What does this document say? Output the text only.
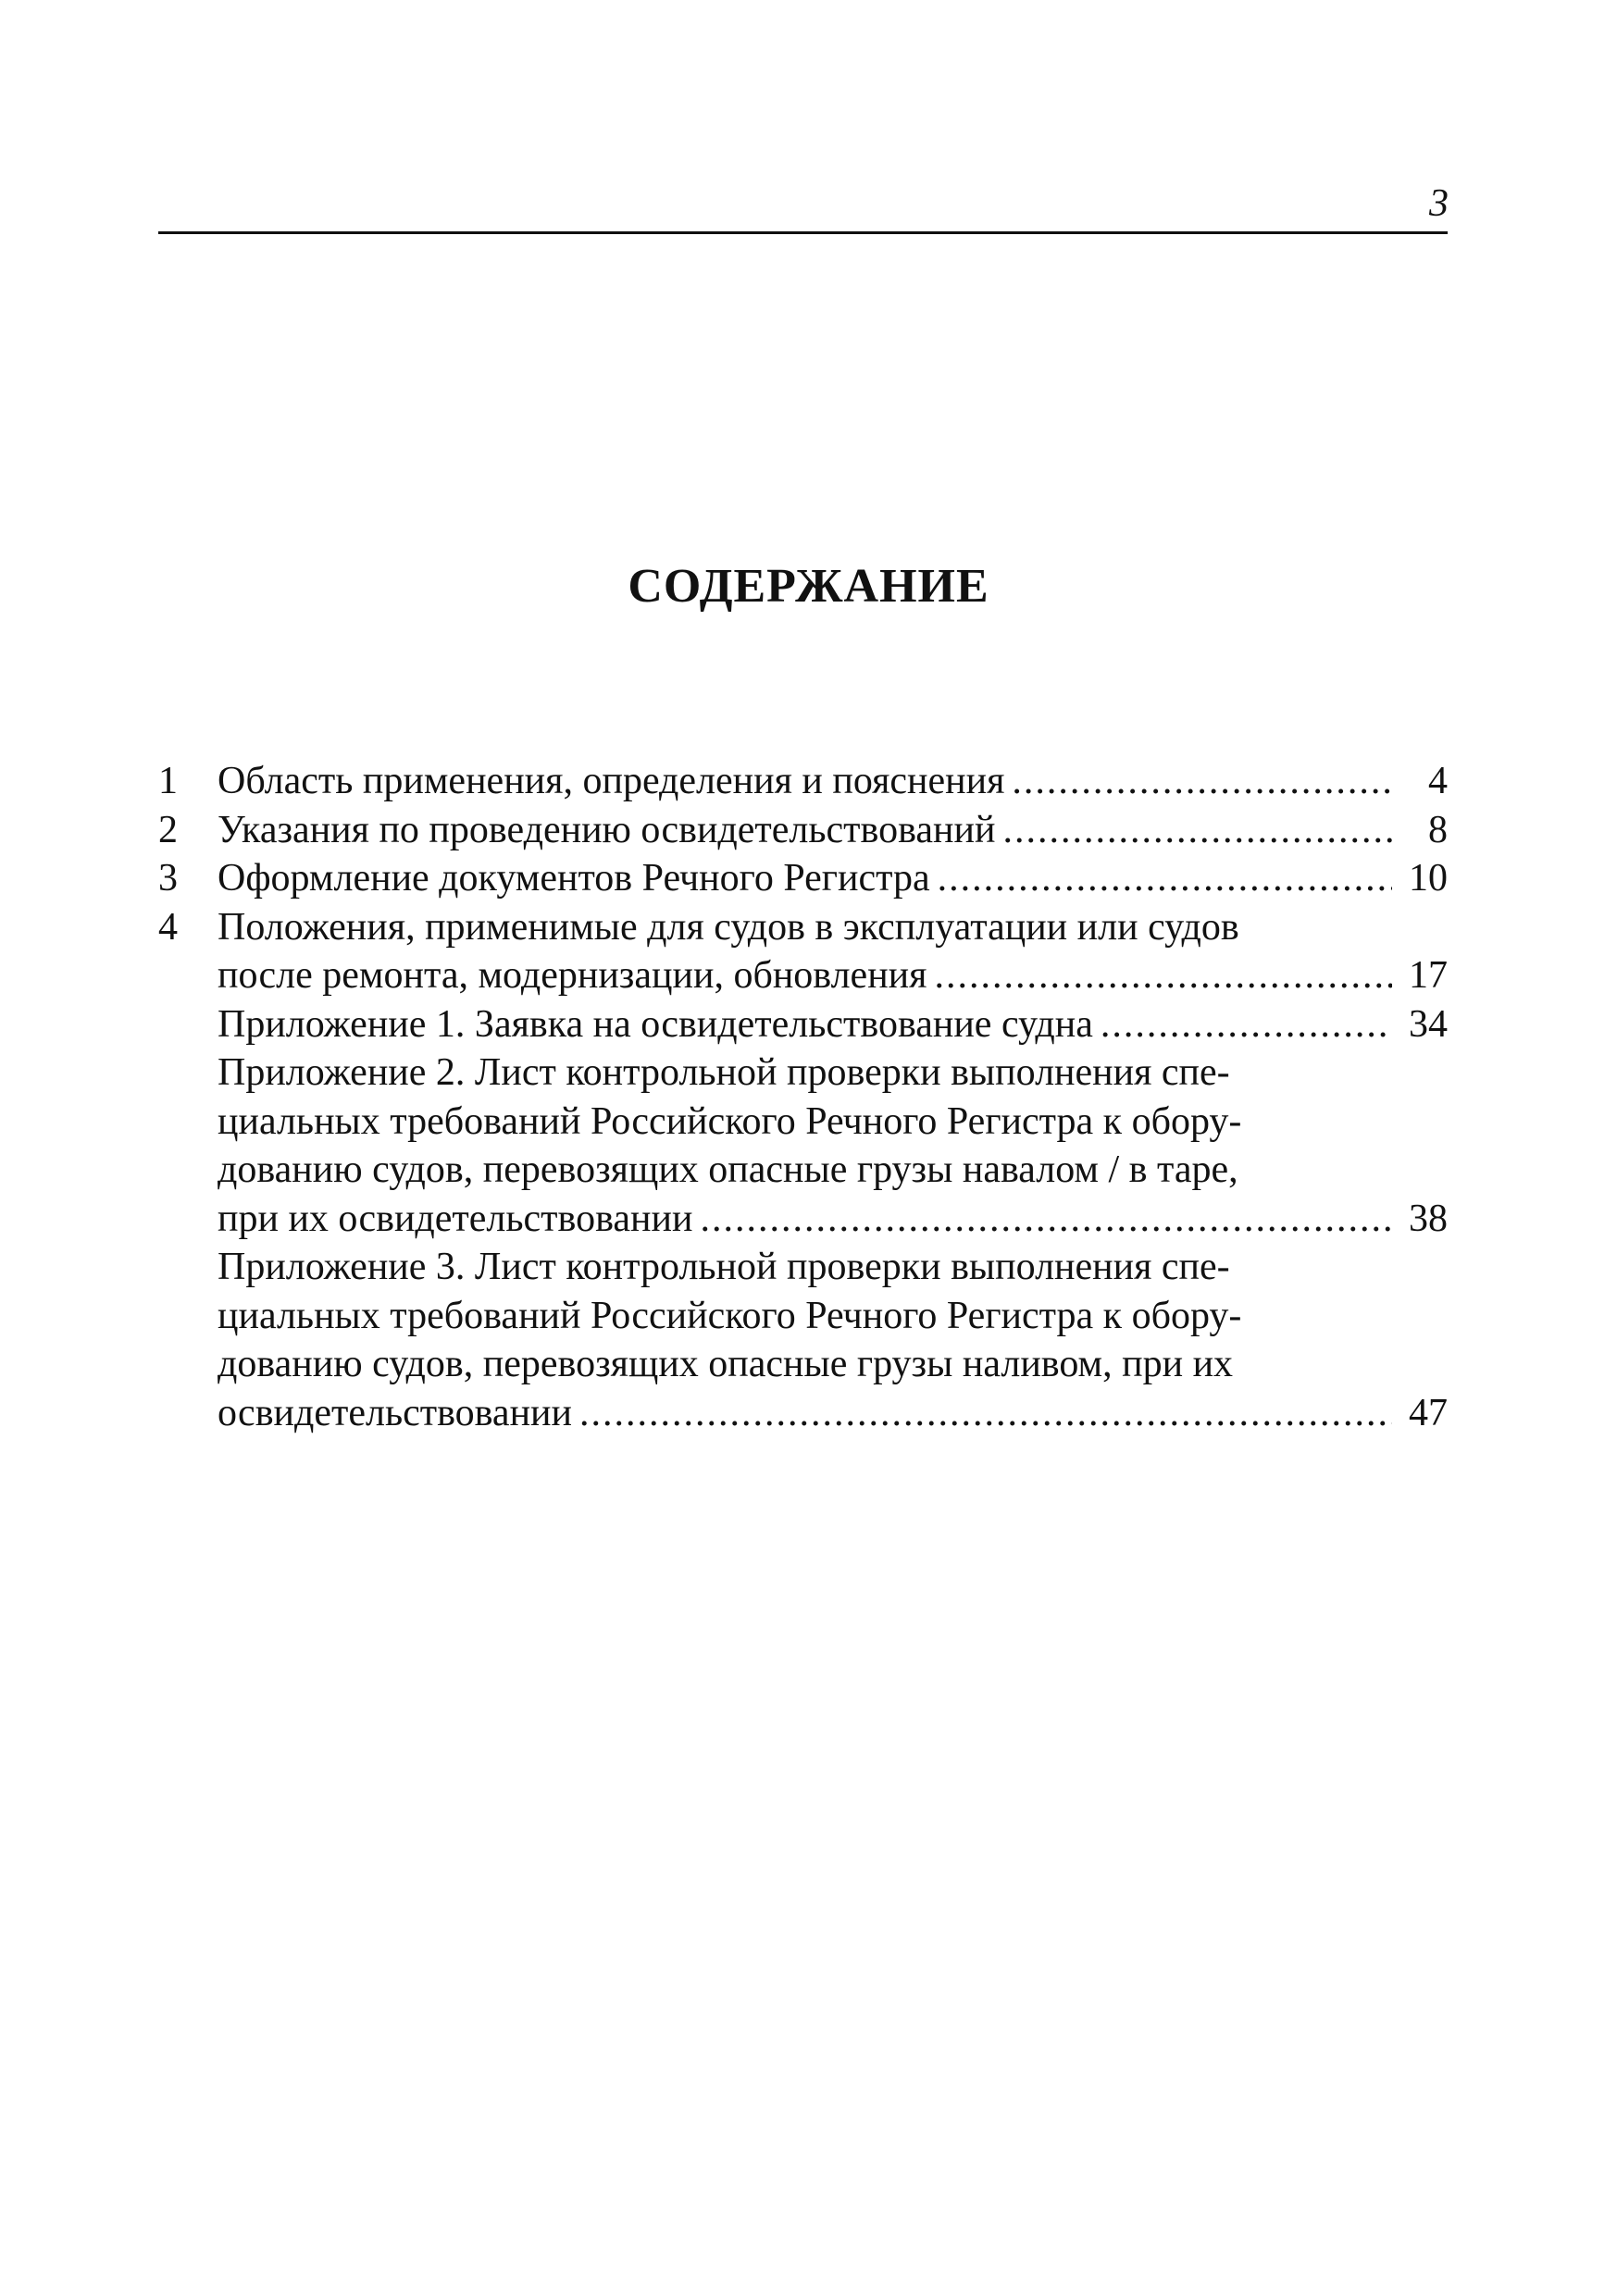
3
СОДЕРЖАНИЕ
1	Область применения, определения и пояснения .....	4
2	Указания по проведению освидетельствований .....	8
3	Оформление документов Речного Регистра .....	10
4	Положения, применимые для судов в эксплуатации или судов
после ремонта, модернизации, обновления .....	17
Приложение 1. Заявка на освидетельствование судна .....	34
Приложение 2. Лист контрольной проверки выполнения спе-
циальных требований Российского Речного Регистра к обору-
дованию судов, перевозящих опасные грузы навалом / в таре,
при их освидетельствовании .....	38
Приложение 3. Лист контрольной проверки выполнения спе-
циальных требований Российского Речного Регистра к обору-
дованию судов, перевозящих опасные грузы наливом, при их
освидетельствовании .....	47
